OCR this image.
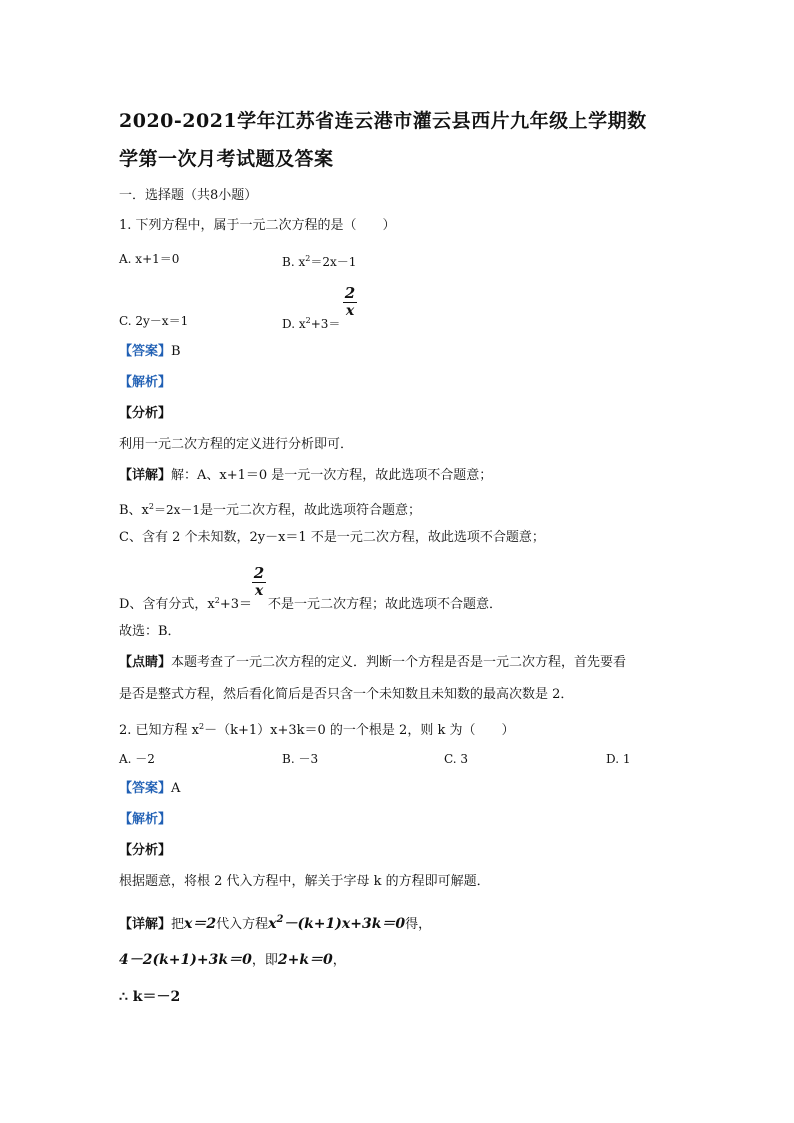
2020-2021学年江苏省连云港市灌云县西片九年级上学期数
学第一次月考试题及答案
一．选择题（共8小题）
1. 下列方程中，属于一元二次方程的是（　　）
A. x+1＝0	B. $x^2=2x-1$
C. 2y－x＝1	D. $x^2+3=$
2
x
【答案】B
【解析】
【分析】
利用一元二次方程的定义进行分析即可．
【详解】解：A、x+1＝0 是一元一次方程，故此选项不合题意；
B、$x^2=2x-1$是一元二次方程，故此选项符合题意；
C、含有 2 个未知数，2y－x＝1 不是一元二次方程，故此选项不合题意；
D、含有分式，$x^2+3=$ 不是一元二次方程；故此选项不合题意．
2
x
故选：B．
【点睛】本题考查了一元二次方程的定义．判断一个方程是否是一元二次方程，首先要看
是否是整式方程，然后看化简后是否只含一个未知数且未知数的最高次数是 2．
2. 已知方程 $x^2-(k+1)x+3k=0$ 的一个根是 2，则 k 为（　　）
A. －2	B. －3	C. 3	D. 1
【答案】A
【解析】
【分析】
根据题意，将根 2 代入方程中，解关于字母 k 的方程即可解题．
【详解】把x＝2代入方程$x^2-(k+1)x+3k=0$得，
4－2(k+1)+3k＝0，即2+k＝0，
∴ k＝－2
